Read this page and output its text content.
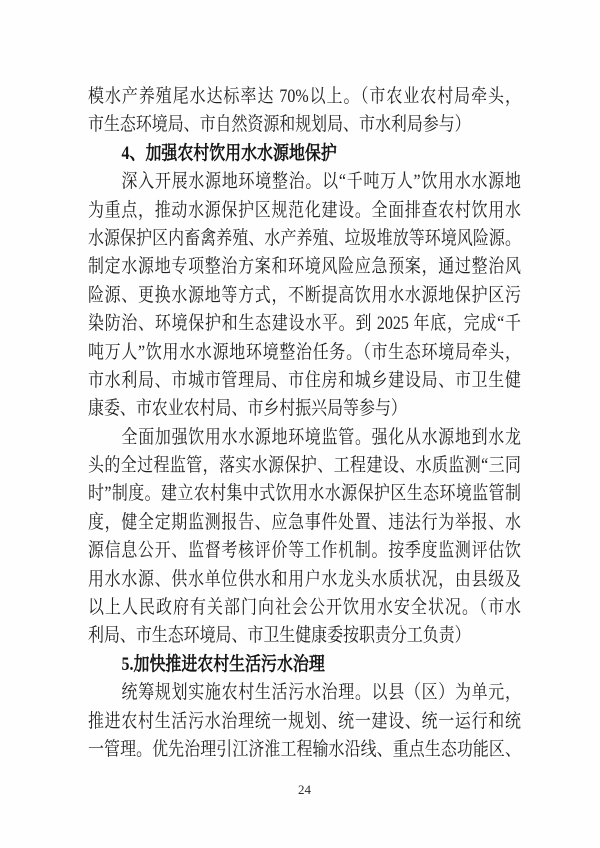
模水产养殖尾水达标率达 70%以上。（市农业农村局牵头，
市生态环境局、市自然资源和规划局、市水利局参与）
4、加强农村饮用水水源地保护
深入开展水源地环境整治。以“千吨万人”饮用水水源地
为重点，推动水源保护区规范化建设。全面排查农村饮用水
水源保护区内畜禽养殖、水产养殖、垃圾堆放等环境风险源。
制定水源地专项整治方案和环境风险应急预案，通过整治风
险源、更换水源地等方式，不断提高饮用水水源地保护区污
染防治、环境保护和生态建设水平。到 2025 年底，完成“千
吨万人”饮用水水源地环境整治任务。（市生态环境局牵头，
市水利局、市城市管理局、市住房和城乡建设局、市卫生健
康委、市农业农村局、市乡村振兴局等参与）
全面加强饮用水水源地环境监管。强化从水源地到水龙
头的全过程监管，落实水源保护、工程建设、水质监测“三同
时”制度。建立农村集中式饮用水水源保护区生态环境监管制
度，健全定期监测报告、应急事件处置、违法行为举报、水
源信息公开、监督考核评价等工作机制。按季度监测评估饮
用水水源、供水单位供水和用户水龙头水质状况，由县级及
以上人民政府有关部门向社会公开饮用水安全状况。（市水
利局、市生态环境局、市卫生健康委按职责分工负责）
5.加快推进农村生活污水治理
统筹规划实施农村生活污水治理。以县（区）为单元，
推进农村生活污水治理统一规划、统一建设、统一运行和统
一管理。优先治理引江济淮工程输水沿线、重点生态功能区、
24
